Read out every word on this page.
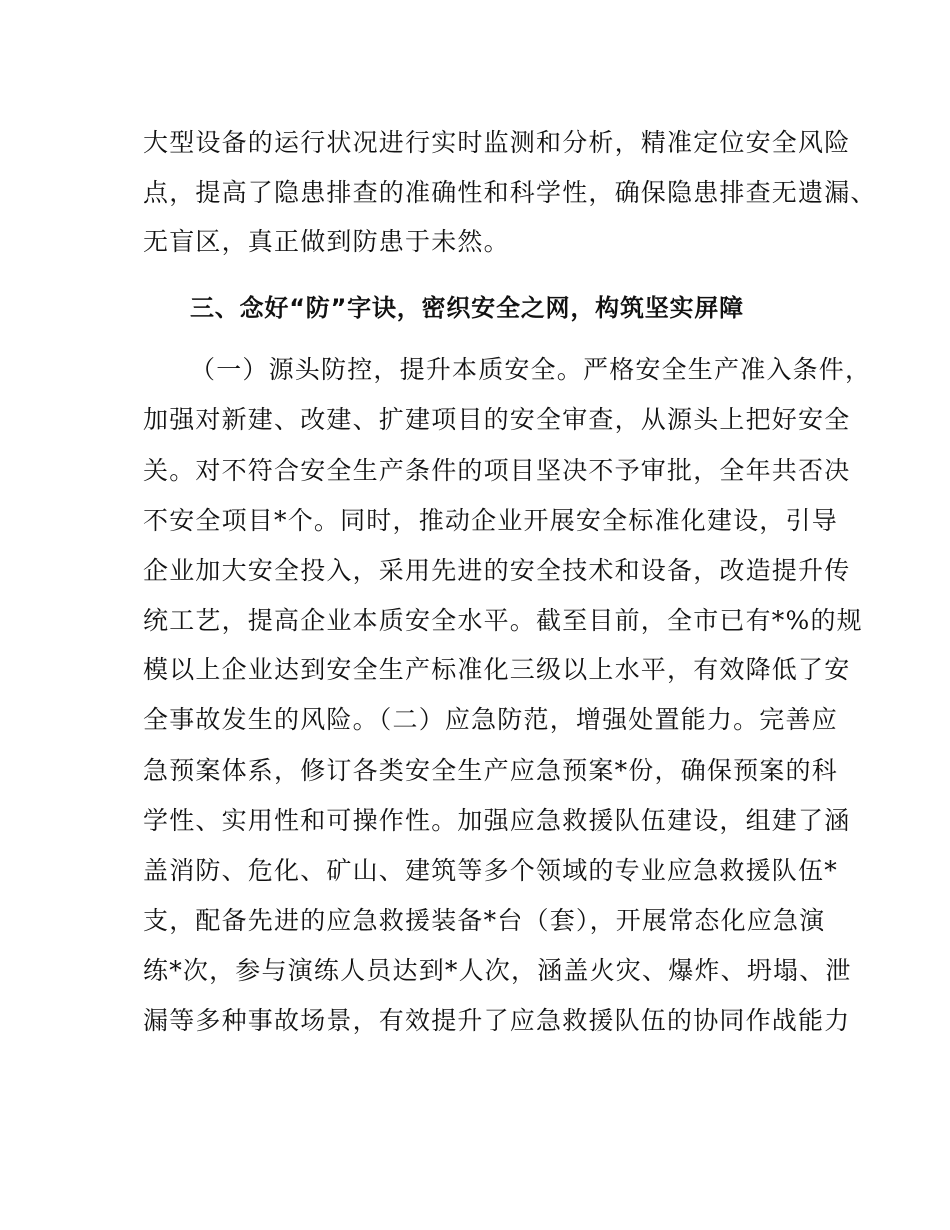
大型设备的运行状况进行实时监测和分析，精准定位安全风险
点，提高了隐患排查的准确性和科学性，确保隐患排查无遗漏、
无盲区，真正做到防患于未然。
三、念好“防”字诀，密织安全之网，构筑坚实屏障
（一）源头防控，提升本质安全。严格安全生产准入条件，
加强对新建、改建、扩建项目的安全审查，从源头上把好安全
关。对不符合安全生产条件的项目坚决不予审批，全年共否决
不安全项目*个。同时，推动企业开展安全标准化建设，引导
企业加大安全投入，采用先进的安全技术和设备，改造提升传
统工艺，提高企业本质安全水平。截至目前，全市已有*%的规
模以上企业达到安全生产标准化三级以上水平，有效降低了安
全事故发生的风险。（二）应急防范，增强处置能力。完善应
急预案体系，修订各类安全生产应急预案*份，确保预案的科
学性、实用性和可操作性。加强应急救援队伍建设，组建了涵
盖消防、危化、矿山、建筑等多个领域的专业应急救援队伍*
支，配备先进的应急救援装备*台（套），开展常态化应急演
练*次，参与演练人员达到*人次，涵盖火灾、爆炸、坍塌、泄
漏等多种事故场景，有效提升了应急救援队伍的协同作战能力
